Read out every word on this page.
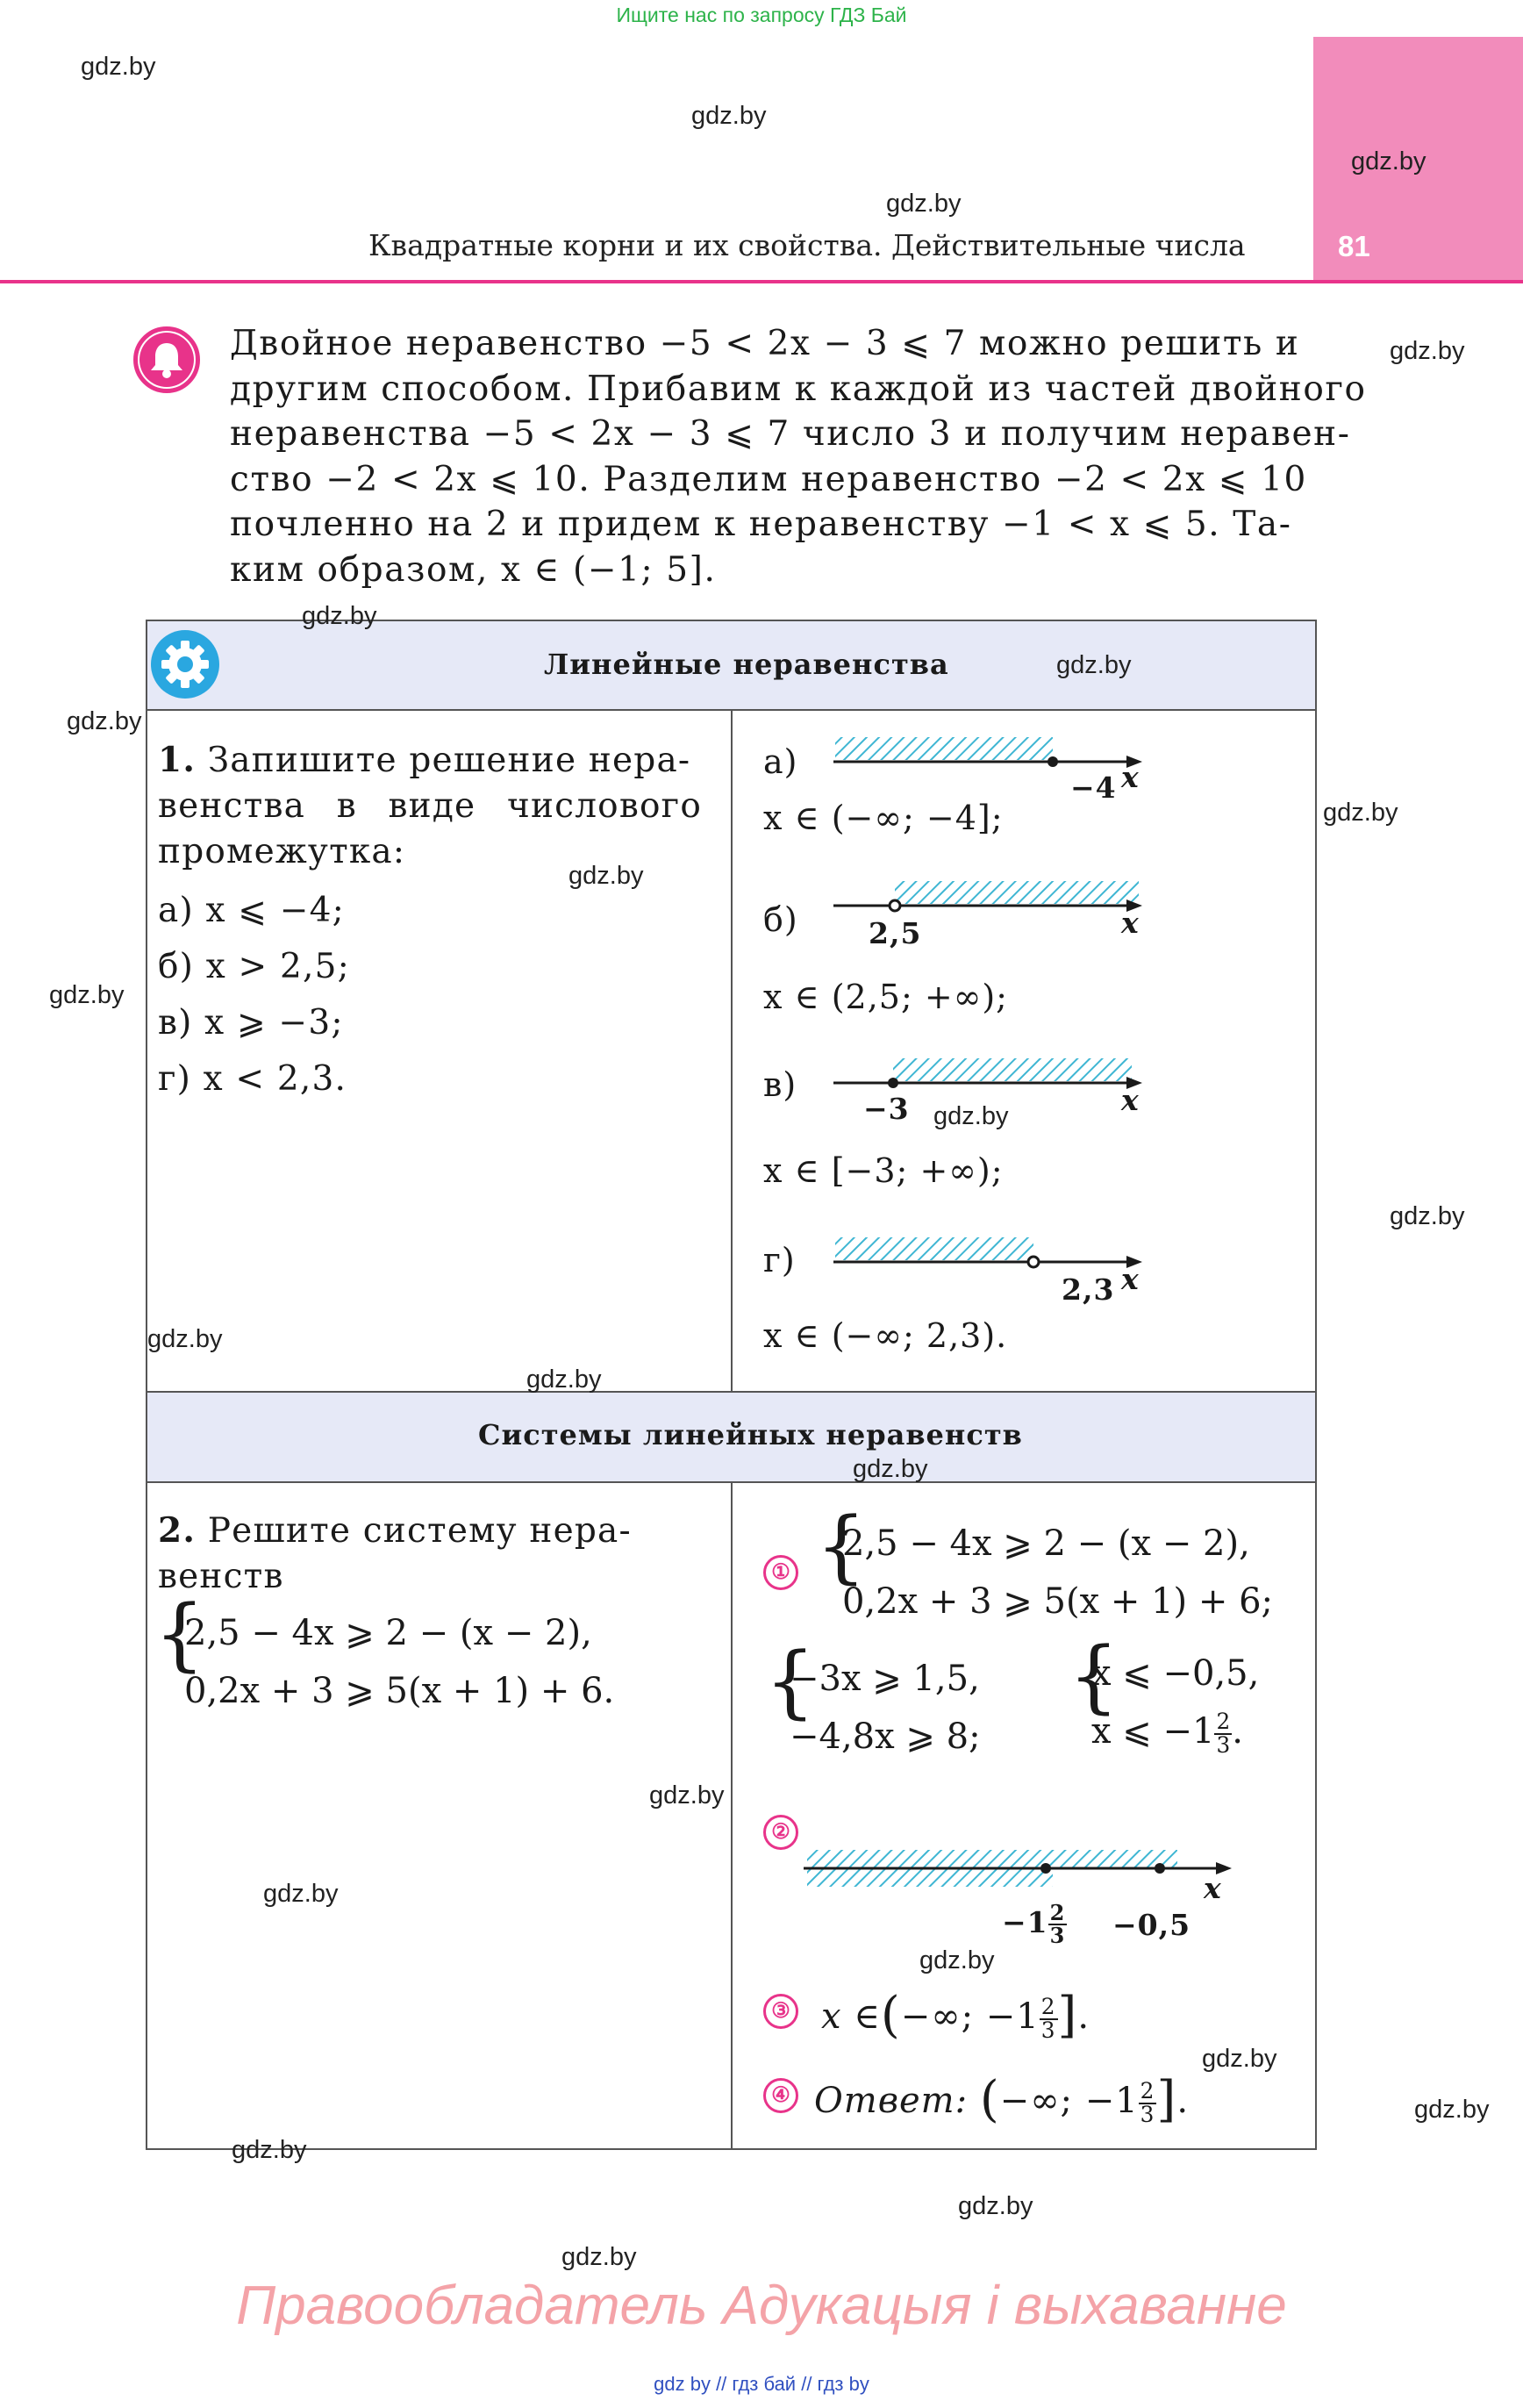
Ищите нас по запросу ГДЗ Бай
Квадратные корни и их свойства. Действительные числа	81
Двойное неравенство −5 < 2x − 3 ⩽ 7 можно решить и
другим способом. Прибавим к каждой из частей двойного
неравенства −5 < 2x − 3 ⩽ 7 число 3 и получим неравен-
ство −2 < 2x ⩽ 10. Разделим неравенство −2 < 2x ⩽ 10
почленно на 2 и придем к неравенству −1 < x ⩽ 5. Та-
ким образом, x ∈ (−1; 5].
Линейные неравенства
Системы линейных неравенств
1. Запишите решение нера-
венства в виде числового
промежутка:
а) x ⩽ −4;
б) x > 2,5;
в) x ⩾ −3;
г) x < 2,3.
а)
−4 x
x ∈ (−∞; −4];
б) 2,5	x
x ∈ (2,5; +∞);
в)
−3	x
x ∈ [−3; +∞);
г)
2,3 x
x ∈ (−∞; 2,3).
2. Решите систему нера-
венств
{
2,5 − 4x ⩾ 2 − (x − 2),
0,2x + 3 ⩾ 5(x + 1) + 6.
① {
2,5 − 4x ⩾ 2 − (x − 2),
0,2x + 3 ⩾ 5(x + 1) + 6;
{
−3x ⩾ 1,5,
−4,8x ⩾ 8;
{
x ⩽ −0,5,
x ⩽ $-1 \frac{2}{3}$ .
②
x
$-1 \frac{2}{3} -0,5$
③ x ∈(−∞; $-1 \frac{2}{3}$ ].
④ Ответ: (−∞; $-1 \frac{2}{3}$ ].
gdz.by
gdz.by
gdz.by
gdz.by
gdz.by
gdz.by
gdz.by
gdz.by
gdz.by
gdz.by
gdz.by
gdz.by
gdz.by
gdz.by
gdz.by
gdz.by
gdz.by
gdz.by
gdz.by
gdz.by
gdz.by
gdz.by
gdz.by
gdz.by
Правообладатель Адукацыя і выхаванне
gdz by // гдз бай // гдз by
